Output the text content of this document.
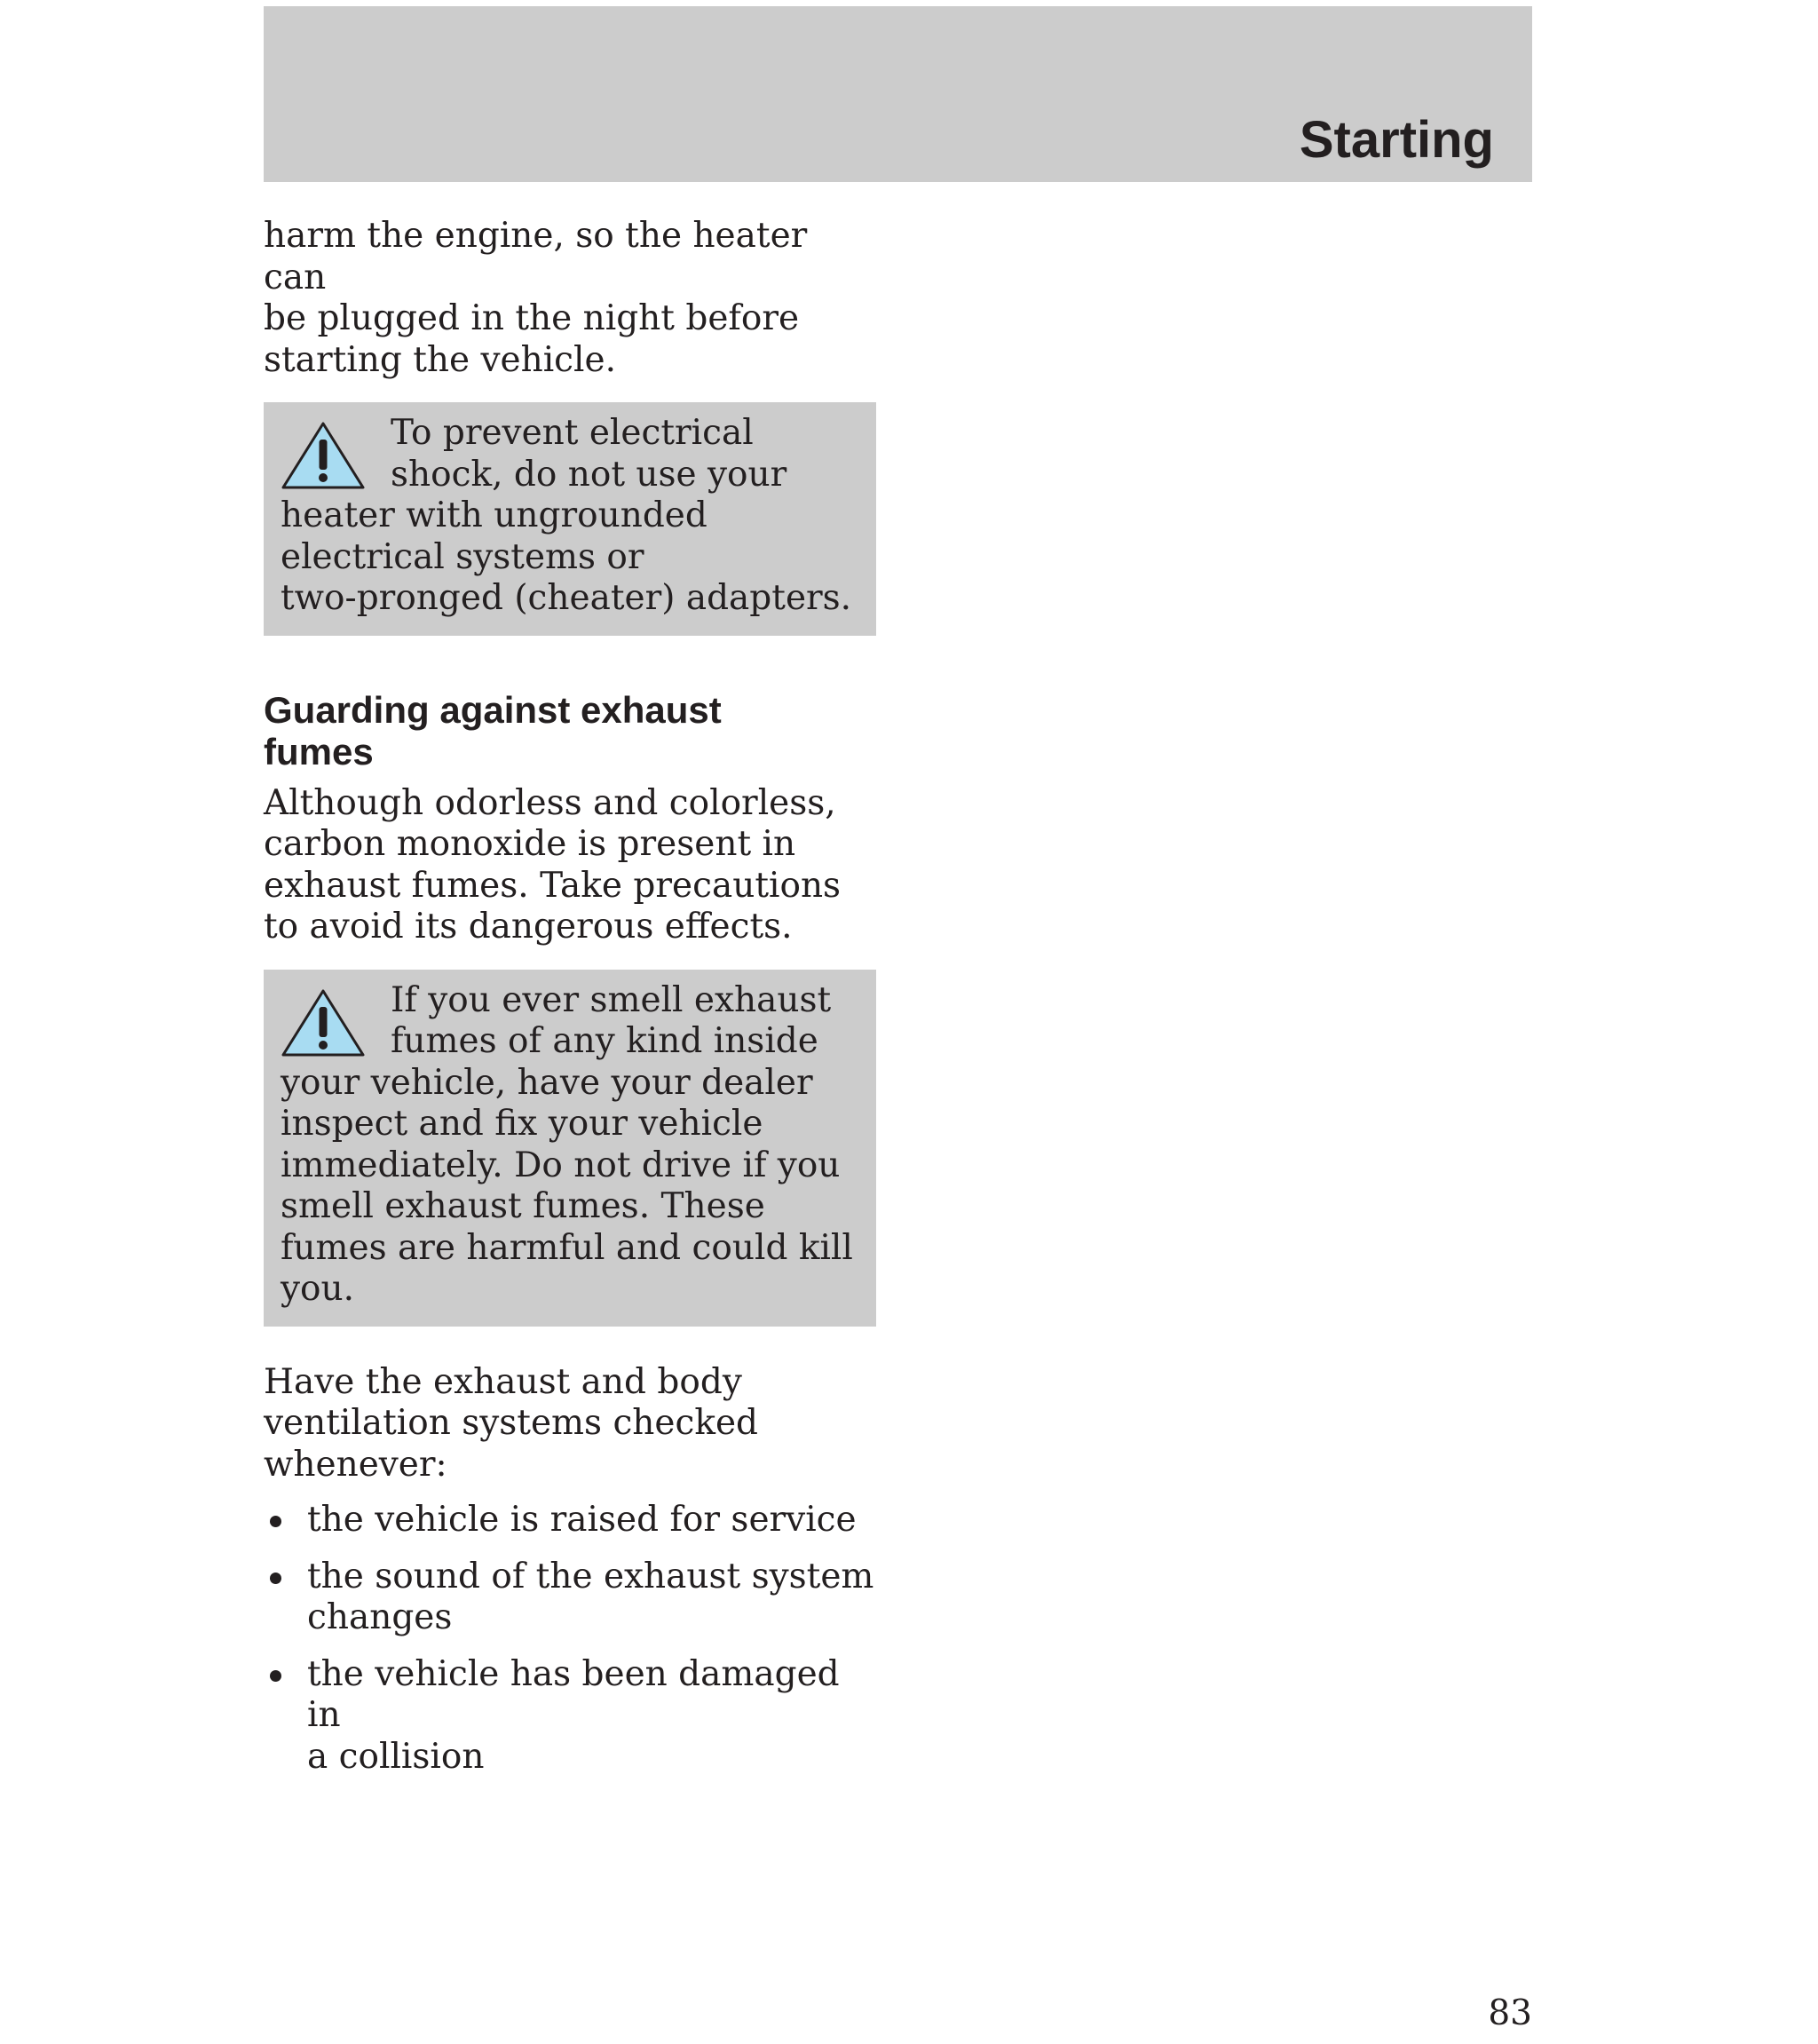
Starting

harm the engine, so the heater can
be plugged in the night before
starting the vehicle.

To prevent electrical
shock, do not use your
heater with ungrounded
electrical systems or
two-pronged (cheater) adapters.
Guarding against exhaust
fumes

Although odorless and colorless,
carbon monoxide is present in
exhaust fumes. Take precautions
to avoid its dangerous effects.

If you ever smell exhaust
fumes of any kind inside
your vehicle, have your dealer
inspect and fix your vehicle
immediately. Do not drive if you
smell exhaust fumes. These
fumes are harmful and could kill
you.

Have the exhaust and body
ventilation systems checked
whenever:

the vehicle is raised for service
the sound of the exhaust system
changes
the vehicle has been damaged in
a collision
83
